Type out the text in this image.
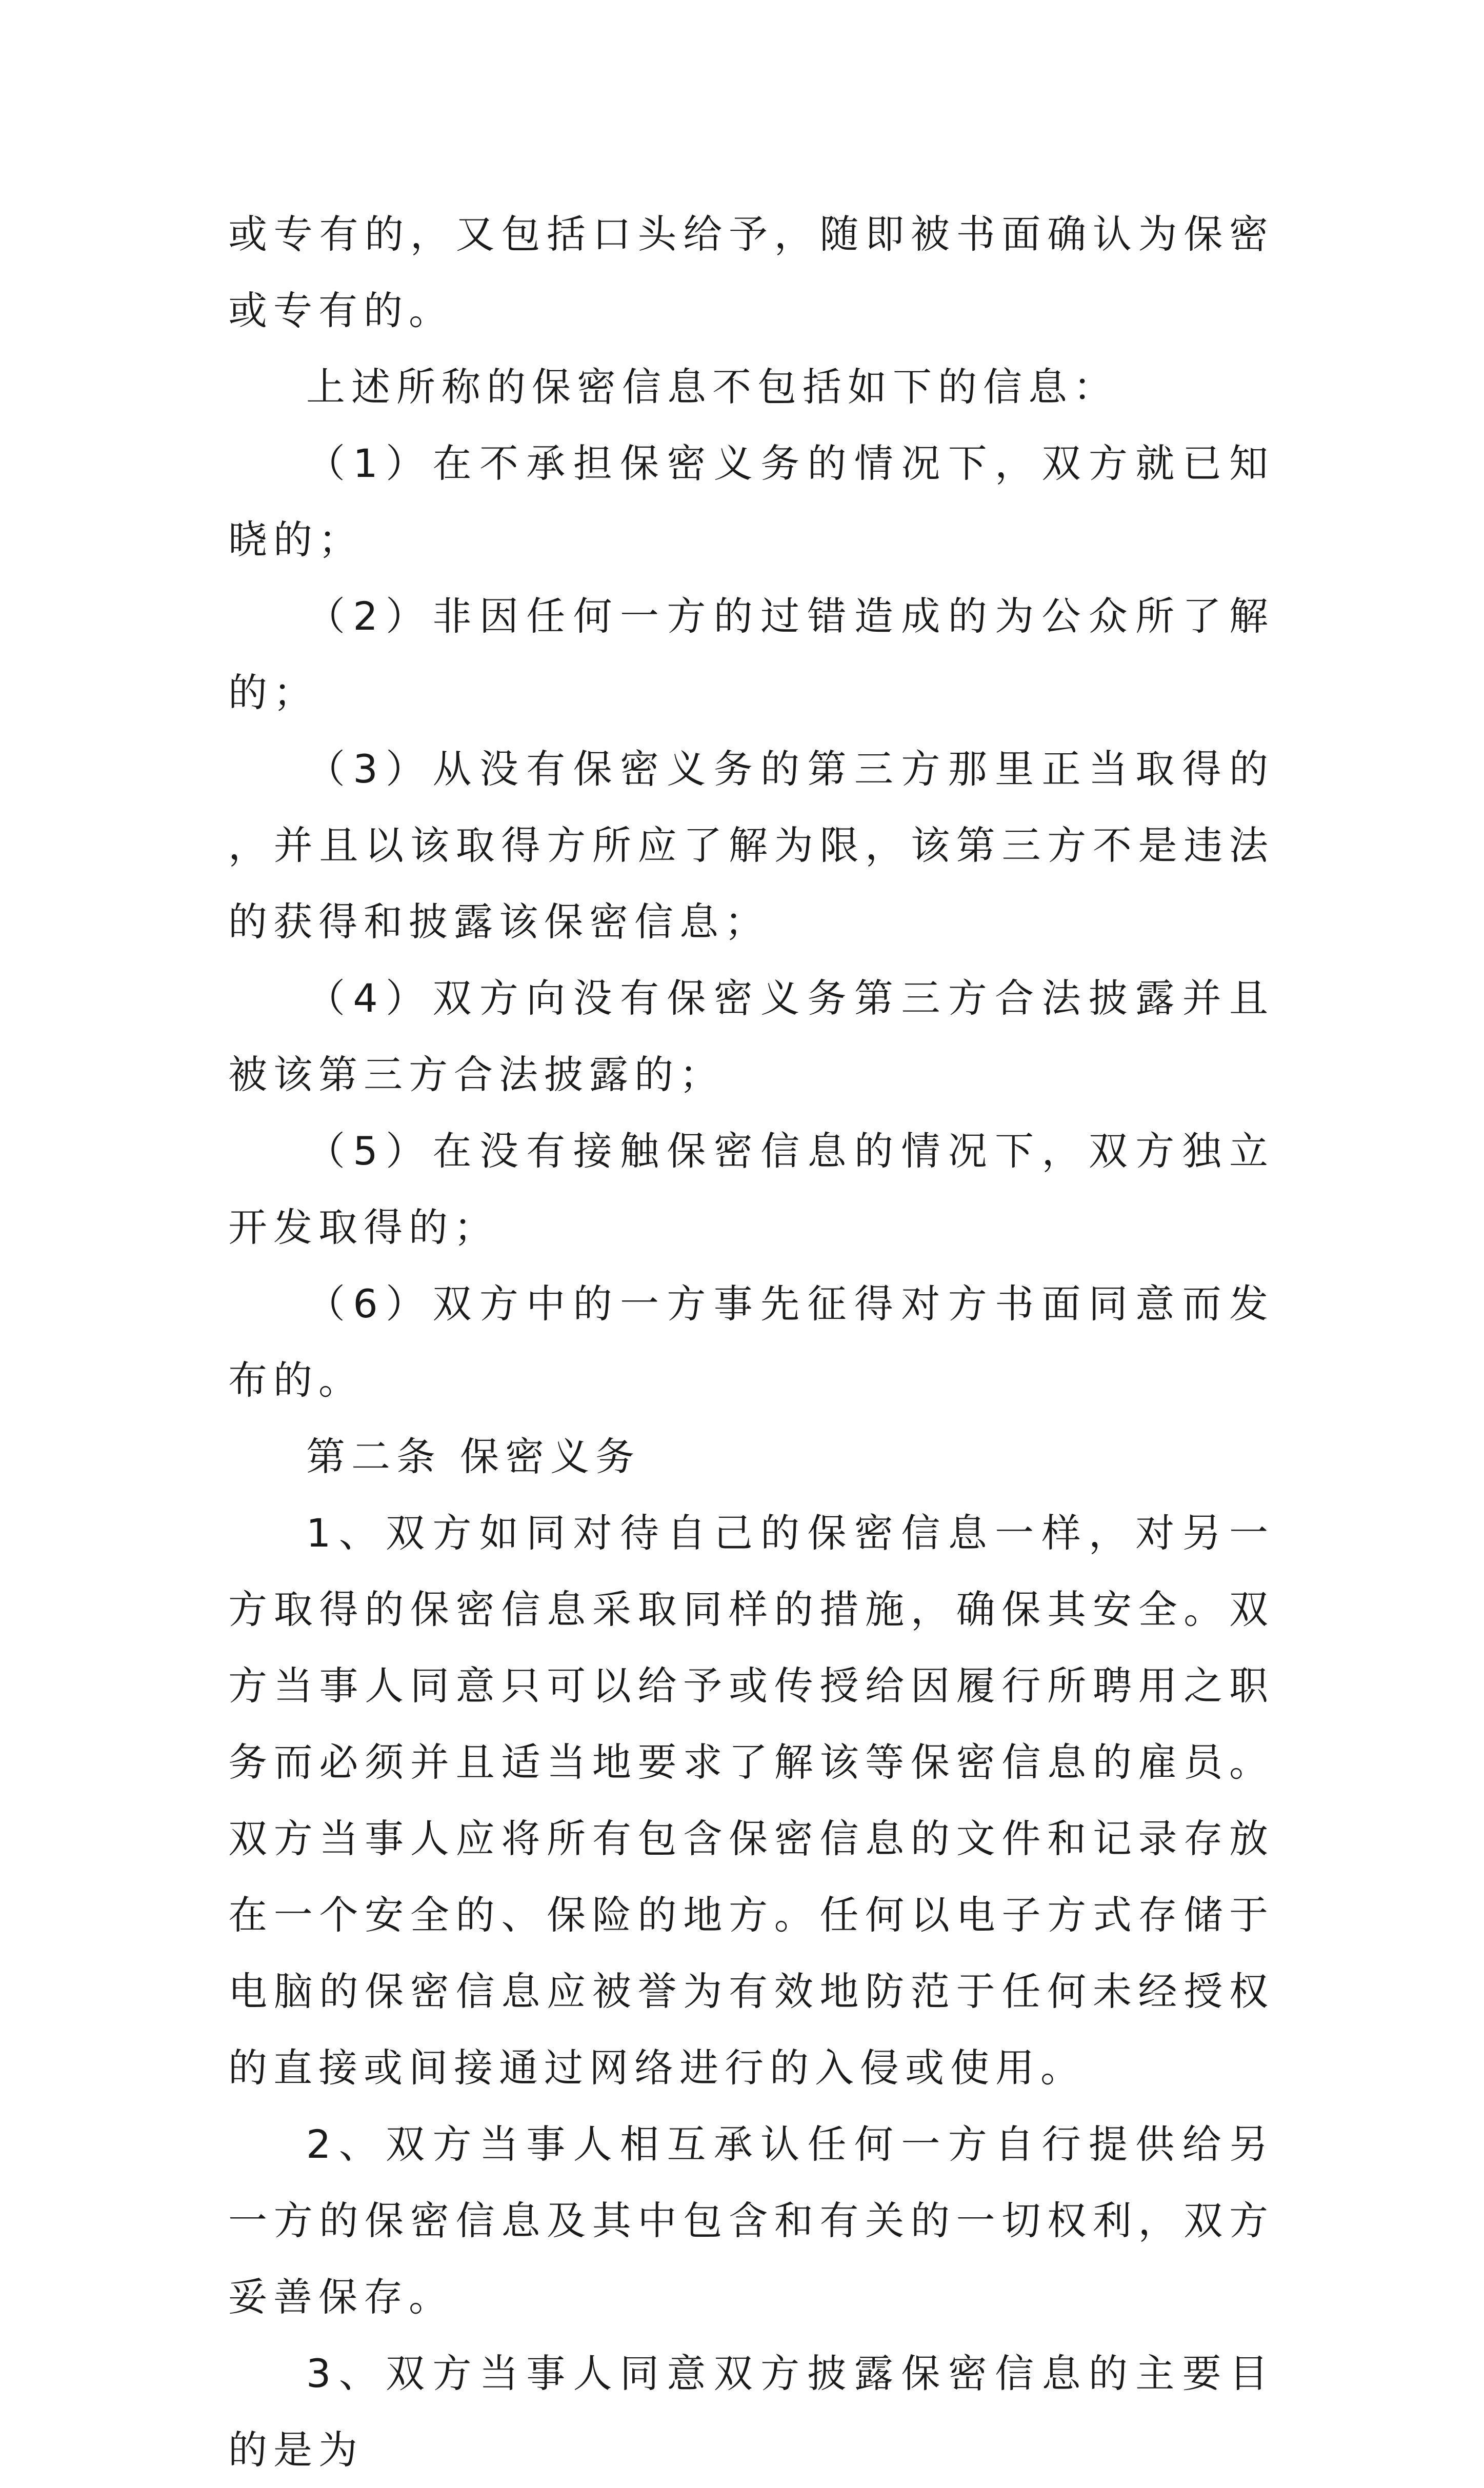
或专有的，又包括口头给予，随即被书面确认为保密或专有的。

上述所称的保密信息不包括如下的信息：

（1）在不承担保密义务的情况下，双方就已知晓的；

（2）非因任何一方的过错造成的为公众所了解的；

（3）从没有保密义务的第三方那里正当取得的，并且以该取得方所应了解为限，该第三方不是违法的获得和披露该保密信息；

（4）双方向没有保密义务第三方合法披露并且被该第三方合法披露的；

（5）在没有接触保密信息的情况下，双方独立开发取得的；

（6）双方中的一方事先征得对方书面同意而发布的。

第二条 保密义务

1、双方如同对待自己的保密信息一样，对另一方取得的保密信息采取同样的措施，确保其安全。双方当事人同意只可以给予或传授给因履行所聘用之职务而必须并且适当地要求了解该等保密信息的雇员。双方当事人应将所有包含保密信息的文件和记录存放在一个安全的、保险的地方。任何以电子方式存储于电脑的保密信息应被誉为有效地防范于任何未经授权的直接或间接通过网络进行的入侵或使用。

2、双方当事人相互承认任何一方自行提供给另一方的保密信息及其中包含和有关的一切权利，双方妥善保存。

3、双方当事人同意双方披露保密信息的主要目的是为
